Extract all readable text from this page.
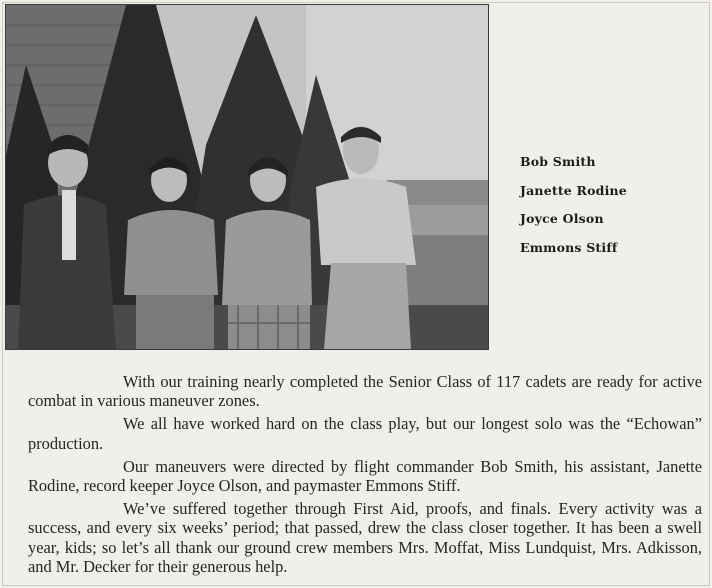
Bob Smith
Janette Rodine
Joyce Olson
Emmons Stiff

With our training nearly completed the Senior Class of 117 cadets are ready for active combat in various maneuver zones.

We all have worked hard on the class play, but our longest solo was the “Echowan” production.

Our maneuvers were directed by flight commander Bob Smith, his assistant, Janette Rodine, record keeper Joyce Olson, and paymaster Emmons Stiff.

We’ve suffered together through First Aid, proofs, and finals. Every activity was a success, and every six weeks’ period; that passed, drew the class closer together. It has been a swell year, kids; so let’s all thank our ground crew members Mrs. Moffat, Miss Lundquist, Mrs. Adkisson, and Mr. Decker for their generous help.
